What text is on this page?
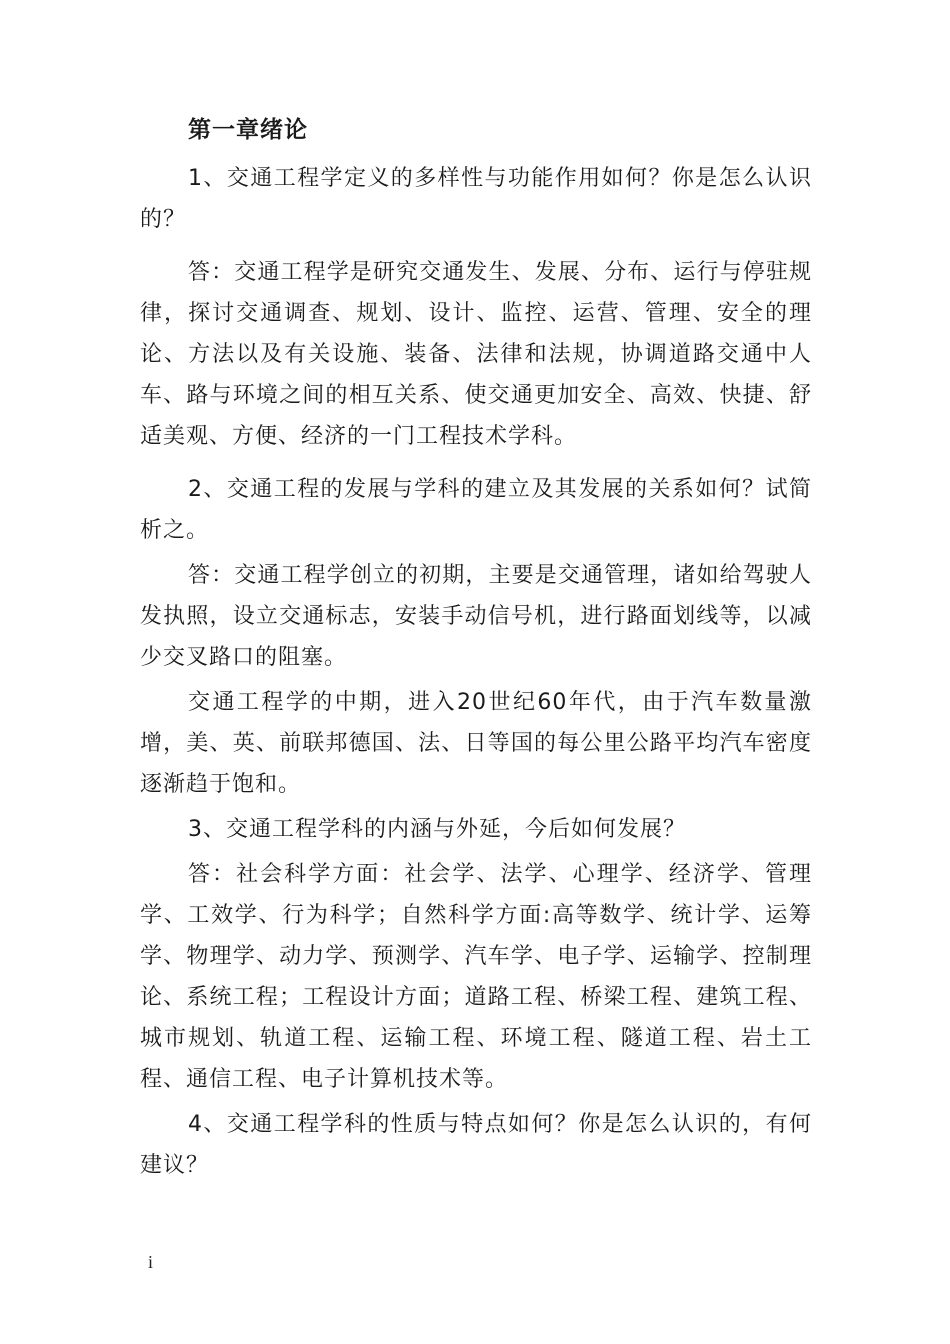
第一章绪论

1、交通工程学定义的多样性与功能作用如何？你是怎么认识的？

答：交通工程学是研究交通发生、发展、分布、运行与停驻规律，探讨交通调查、规划、设计、监控、运营、管理、安全的理论、方法以及有关设施、装备、法律和法规，协调道路交通中人车、路与环境之间的相互关系、使交通更加安全、高效、快捷、舒适美观、方便、经济的一门工程技术学科。

2、交通工程的发展与学科的建立及其发展的关系如何？试简析之。

答：交通工程学创立的初期，主要是交通管理，诸如给驾驶人发执照，设立交通标志，安装手动信号机，进行路面划线等，以减少交叉路口的阻塞。

交通工程学的中期，进入20世纪60年代，由于汽车数量激增，美、英、前联邦德国、法、日等国的每公里公路平均汽车密度逐渐趋于饱和。

3、交通工程学科的内涵与外延，今后如何发展？

答：社会科学方面：社会学、法学、心理学、经济学、管理学、工效学、行为科学；自然科学方面:高等数学、统计学、运筹学、物理学、动力学、预测学、汽车学、电子学、运输学、控制理论、系统工程；工程设计方面；道路工程、桥梁工程、建筑工程、城市规划、轨道工程、运输工程、环境工程、隧道工程、岩土工程、通信工程、电子计算机技术等。

4、交通工程学科的性质与特点如何？你是怎么认识的，有何建议？

i
